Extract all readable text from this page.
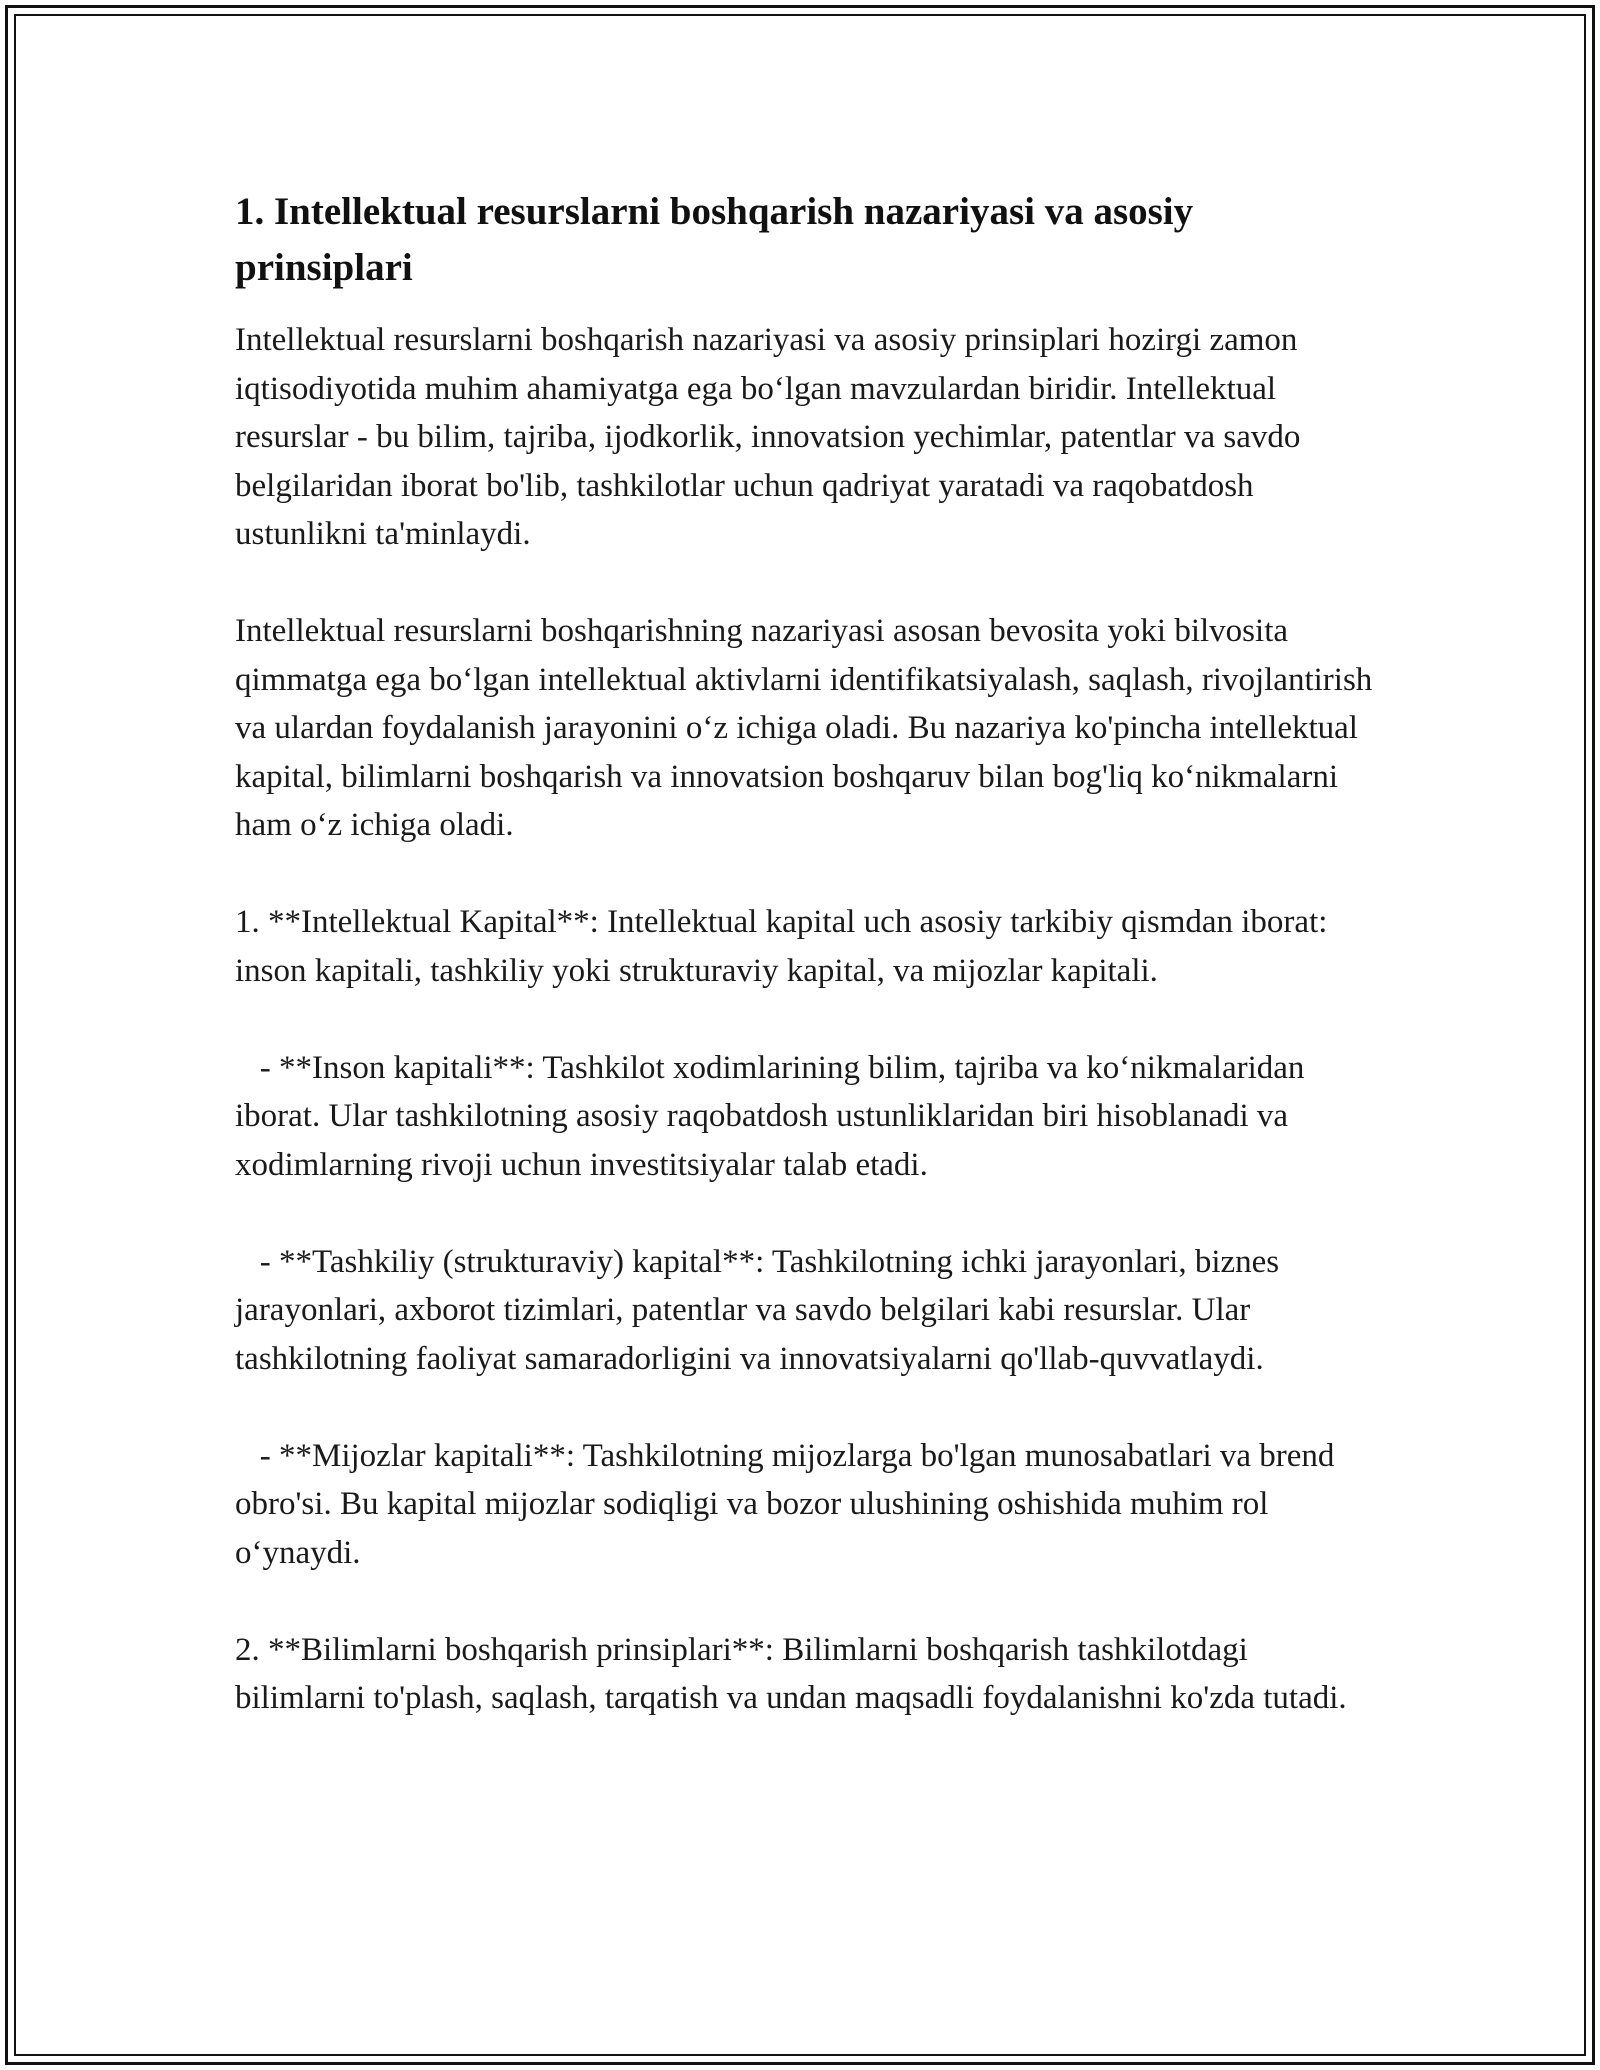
1. Intellektual resurslarni boshqarish nazariyasi va asosiy prinsiplari

Intellektual resurslarni boshqarish nazariyasi va asosiy prinsiplari hozirgi zamon iqtisodiyotida muhim ahamiyatga ega bo‘lgan mavzulardan biridir. Intellektual resurslar - bu bilim, tajriba, ijodkorlik, innovatsion yechimlar, patentlar va savdo belgilaridan iborat bo'lib, tashkilotlar uchun qadriyat yaratadi va raqobatdosh ustunlikni ta'minlaydi.

Intellektual resurslarni boshqarishning nazariyasi asosan bevosita yoki bilvosita qimmatga ega bo‘lgan intellektual aktivlarni identifikatsiyalash, saqlash, rivojlantirish va ulardan foydalanish jarayonini o‘z ichiga oladi. Bu nazariya ko'pincha intellektual kapital, bilimlarni boshqarish va innovatsion boshqaruv bilan bog'liq ko‘nikmalarni ham o‘z ichiga oladi.

1. **Intellektual Kapital**: Intellektual kapital uch asosiy tarkibiy qismdan iborat: inson kapitali, tashkiliy yoki strukturaviy kapital, va mijozlar kapitali.

- **Inson kapitali**: Tashkilot xodimlarining bilim, tajriba va ko‘nikmalaridan iborat. Ular tashkilotning asosiy raqobatdosh ustunliklaridan biri hisoblanadi va xodimlarning rivoji uchun investitsiyalar talab etadi.

- **Tashkiliy (strukturaviy) kapital**: Tashkilotning ichki jarayonlari, biznes jarayonlari, axborot tizimlari, patentlar va savdo belgilari kabi resurslar. Ular tashkilotning faoliyat samaradorligini va innovatsiyalarni qo'llab-quvvatlaydi.

- **Mijozlar kapitali**: Tashkilotning mijozlarga bo'lgan munosabatlari va brend obro'si. Bu kapital mijozlar sodiqligi va bozor ulushining oshishida muhim rol o‘ynaydi.

2. **Bilimlarni boshqarish prinsiplari**: Bilimlarni boshqarish tashkilotdagi bilimlarni to'plash, saqlash, tarqatish va undan maqsadli foydalanishni ko'zda tutadi.
